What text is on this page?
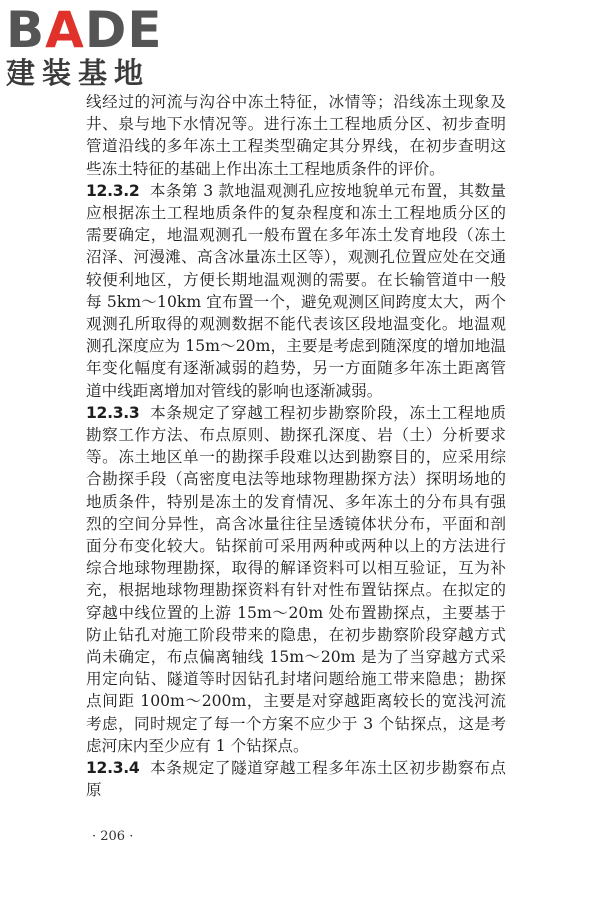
BADE
建装基地

线经过的河流与沟谷中冻土特征，冰情等；沿线冻土现象及井、泉与地下水情况等。进行冻土工程地质分区、初步查明管道沿线的多年冻土工程类型确定其分界线，在初步查明这些冻土特征的基础上作出冻土工程地质条件的评价。

12.3.2 本条第 3 款地温观测孔应按地貌单元布置，其数量应根据冻土工程地质条件的复杂程度和冻土工程地质分区的需要确定，地温观测孔一般布置在多年冻土发育地段（冻土沼泽、河漫滩、高含冰量冻土区等），观测孔位置应处在交通较便利地区，方便长期地温观测的需要。在长输管道中一般每 5km～10km 宜布置一个，避免观测区间跨度太大，两个观测孔所取得的观测数据不能代表该区段地温变化。地温观测孔深度应为 15m～20m，主要是考虑到随深度的增加地温年变化幅度有逐渐减弱的趋势，另一方面随多年冻土距离管道中线距离增加对管线的影响也逐渐减弱。

12.3.3 本条规定了穿越工程初步勘察阶段，冻土工程地质勘察工作方法、布点原则、勘探孔深度、岩（土）分析要求等。冻土地区单一的勘探手段难以达到勘察目的，应采用综合勘探手段（高密度电法等地球物理勘探方法）探明场地的地质条件，特别是冻土的发育情况、多年冻土的分布具有强烈的空间分异性，高含冰量往往呈透镜体状分布，平面和剖面分布变化较大。钻探前可采用两种或两种以上的方法进行综合地球物理勘探，取得的解译资料可以相互验证，互为补充，根据地球物理勘探资料有针对性布置钻探点。在拟定的穿越中线位置的上游 15m～20m 处布置勘探点，主要基于防止钻孔对施工阶段带来的隐患，在初步勘察阶段穿越方式尚未确定，布点偏离轴线 15m～20m 是为了当穿越方式采用定向钻、隧道等时因钻孔封堵问题给施工带来隐患；勘探点间距 100m～200m，主要是对穿越距离较长的宽浅河流考虑，同时规定了每一个方案不应少于 3 个钻探点，这是考虑河床内至少应有 1 个钻探点。

12.3.4 本条规定了隧道穿越工程多年冻土区初步勘察布点原

· 206 ·
